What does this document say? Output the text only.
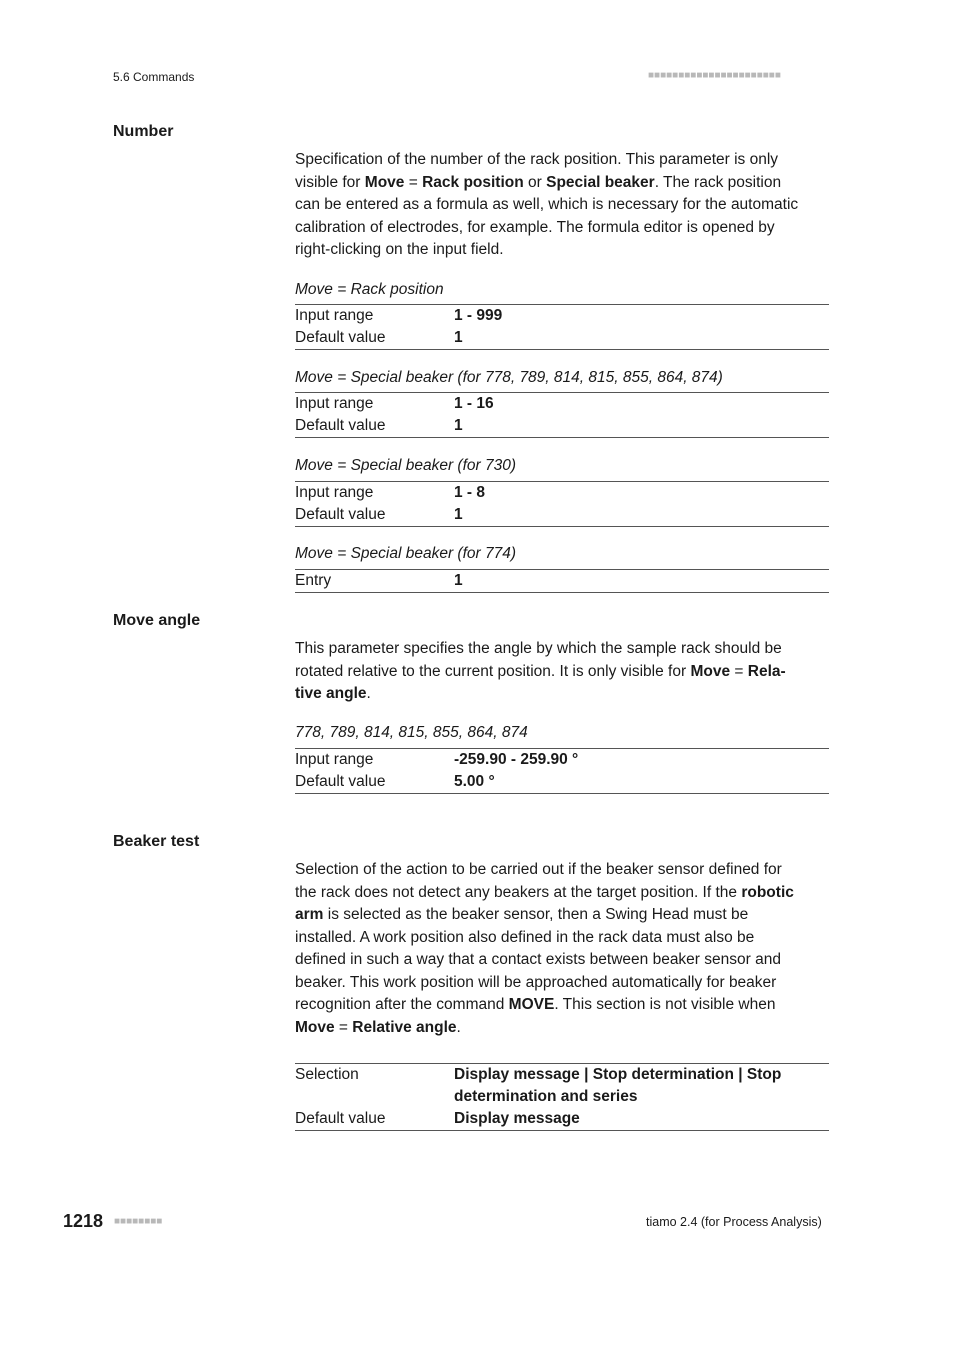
5.6 Commands	■■■■■■■■■■■■■■■■■■■■■■
Number
Specification of the number of the rack position. This parameter is only
visible for Move = Rack position or Special beaker. The rack position
can be entered as a formula as well, which is necessary for the automatic
calibration of electrodes, for example. The formula editor is opened by
right-clicking on the input field.
Move = Rack position
Input range	1 - 999
Default value	1
Move = Special beaker (for 778, 789, 814, 815, 855, 864, 874)
Input range	1 - 16
Default value	1
Move = Special beaker (for 730)
Input range	1 - 8
Default value	1
Move = Special beaker (for 774)
Entry	1
Move angle
This parameter specifies the angle by which the sample rack should be
rotated relative to the current position. It is only visible for Move = Rela-
tive angle.
778, 789, 814, 815, 855, 864, 874
Input range	-259.90 - 259.90 °
Default value	5.00 °
Beaker test
Selection of the action to be carried out if the beaker sensor defined for
the rack does not detect any beakers at the target position. If the robotic
arm is selected as the beaker sensor, then a Swing Head must be
installed. A work position also defined in the rack data must also be
defined in such a way that a contact exists between beaker sensor and
beaker. This work position will be approached automatically for beaker
recognition after the command MOVE. This section is not visible when
Move = Relative angle.
Selection	Display message | Stop determination | Stop
determination and series
Default value	Display message
1218 ■■■■■■■■	tiamo 2.4 (for Process Analysis)
